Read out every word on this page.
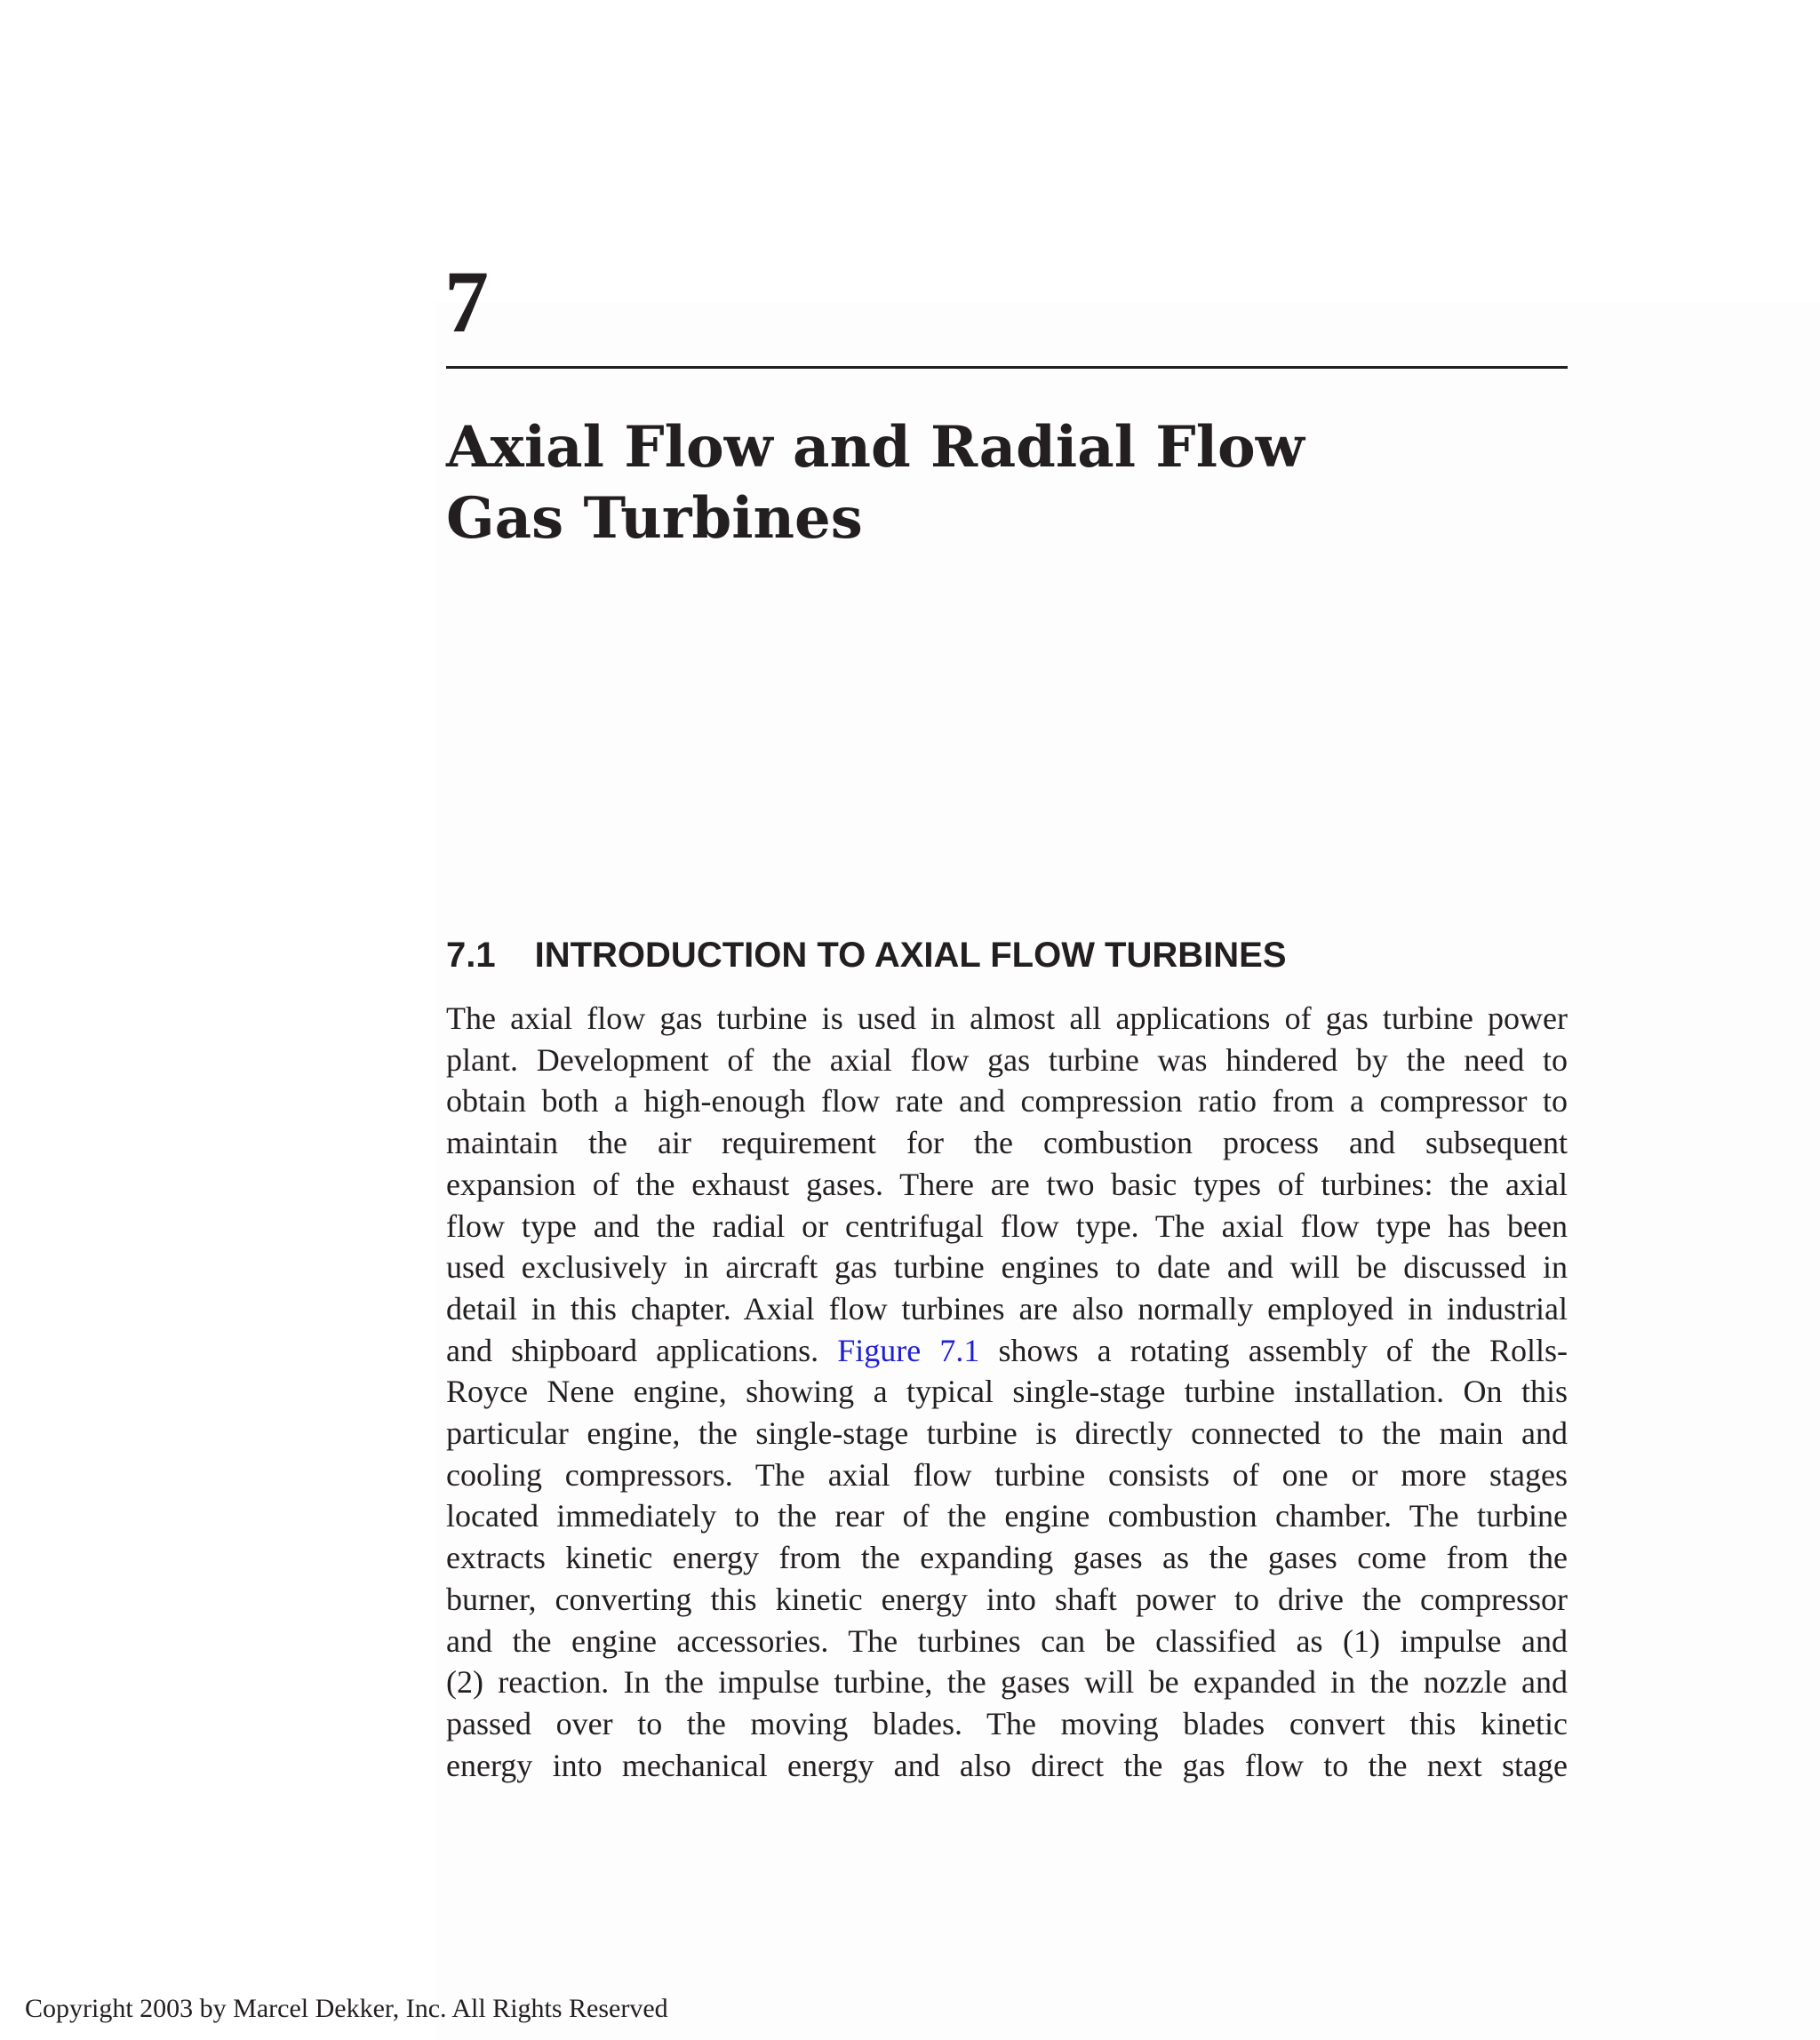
7
Axial Flow and Radial Flow
Gas Turbines
7.1 INTRODUCTION TO AXIAL FLOW TURBINES
The axial flow gas turbine is used in almost all applications of gas turbine power
plant. Development of the axial flow gas turbine was hindered by the need to
obtain both a high-enough flow rate and compression ratio from a compressor to
maintain the air requirement for the combustion process and subsequent
expansion of the exhaust gases. There are two basic types of turbines: the axial
flow type and the radial or centrifugal flow type. The axial flow type has been
used exclusively in aircraft gas turbine engines to date and will be discussed in
detail in this chapter. Axial flow turbines are also normally employed in industrial
and shipboard applications. Figure 7.1 shows a rotating assembly of the Rolls-
Royce Nene engine, showing a typical single-stage turbine installation. On this
particular engine, the single-stage turbine is directly connected to the main and
cooling compressors. The axial flow turbine consists of one or more stages
located immediately to the rear of the engine combustion chamber. The turbine
extracts kinetic energy from the expanding gases as the gases come from the
burner, converting this kinetic energy into shaft power to drive the compressor
and the engine accessories. The turbines can be classified as (1) impulse and
(2) reaction. In the impulse turbine, the gases will be expanded in the nozzle and
passed over to the moving blades. The moving blades convert this kinetic
energy into mechanical energy and also direct the gas flow to the next stage

Copyright 2003 by Marcel Dekker, Inc. All Rights Reserved
